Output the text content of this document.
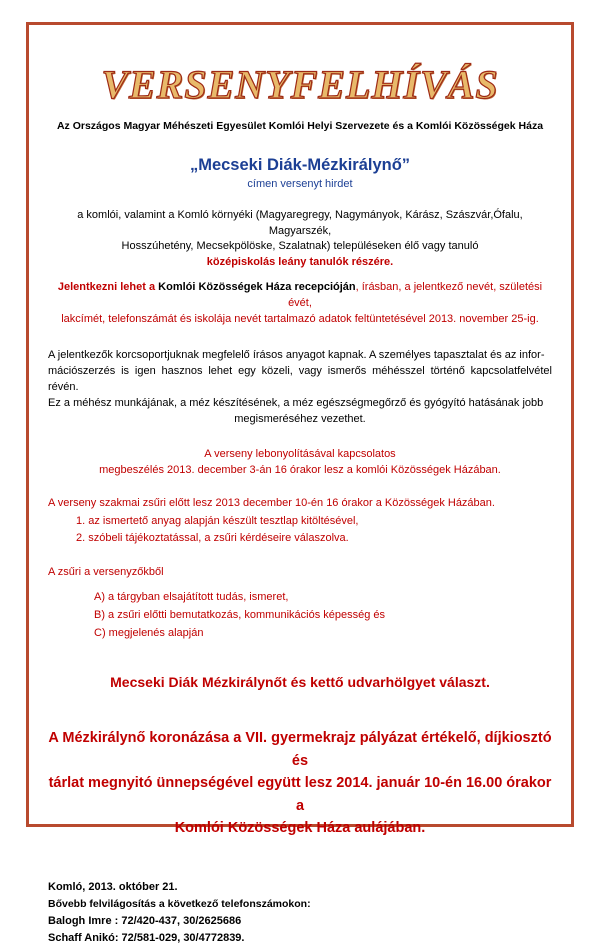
VERSENYFELHÍVÁS
Az Országos Magyar Méhészeti Egyesület Komlói Helyi Szervezete és a Komlói Közösségek Háza
„Mecseki Diák-Mézkirálynő”
címen versenyt hirdet
a komlói, valamint a Komló környéki (Magyaregregy, Nagymányok, Kárász, Szászvár,Ófalu, Magyarszék,
Hosszúhetény, Mecsekpölöske, Szalatnak) településeken élő vagy tanuló
középiskolás leány tanulók részére.
Jelentkezni lehet a Komlói Közösségek Háza recepcióján, írásban, a jelentkező nevét, születési évét,
lakcímét, telefonszámát és iskolája nevét tartalmazó adatok feltüntetésével 2013. november 25-ig.
A jelentkezők korcsoportjuknak megfelelő írásos anyagot kapnak. A személyes tapasztalat és az infor-
mációszerzés is igen hasznos lehet egy közeli, vagy ismerős méhésszel történő kapcsolatfelvétel révén.
Ez a méhész munkájának, a méz készítésének, a méz egészségmegőrző és gyógyító hatásának jobb
megismeréséhez vezethet.
A verseny lebonyolításával kapcsolatos
megbeszélés 2013. december 3-án 16 órakor lesz a komlói Közösségek Házában.
A verseny szakmai zsűri előtt lesz 2013 december 10-én 16 órakor a Közösségek Házában.
1. az ismertető anyag alapján készült tesztlap kitöltésével,
2. szóbeli tájékoztatással, a zsűri kérdéseire válaszolva.
A zsűri a versenyzőkből
A) a tárgyban elsajátított tudás, ismeret,
B) a zsűri előtti bemutatkozás, kommunikációs képesség és
C) megjelenés alapján
Mecseki Diák Mézkirálynőt és kettő udvarhölgyet választ.
A Mézkirálynő koronázása a VII. gyermekrajz pályázat értékelő, díjkiosztó és
tárlat megnyitó ünnepségével együtt lesz 2014. január 10-én 16.00 órakor a
Komlói Közösségek Háza aulájában.
Komló, 2013. október 21.
Bővebb felvilágosítás a következő telefonszámokon:
Balogh Imre : 72/420-437, 30/2625686
Schaff Anikó: 72/581-029, 30/4772839.
